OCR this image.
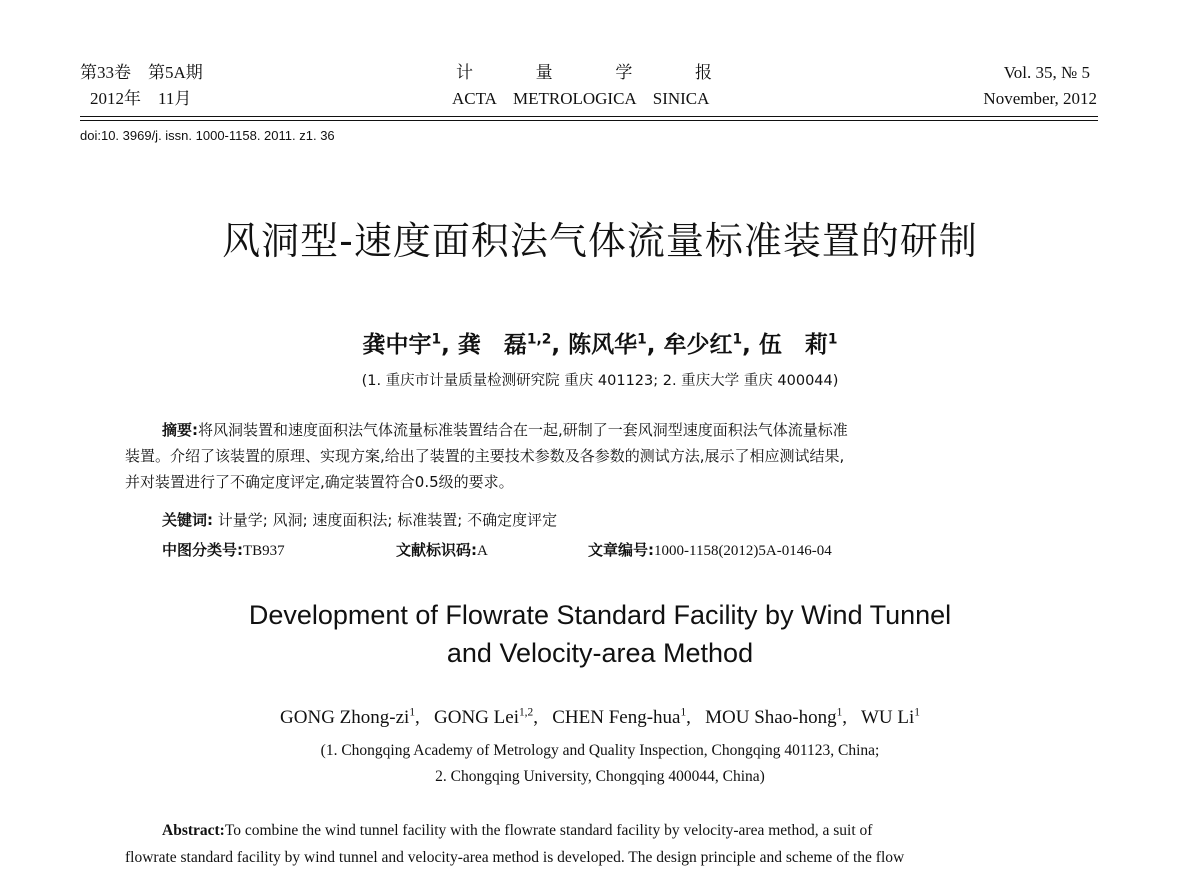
第33卷　第5A期
2012年　11月
计	量	学	报
ACTA　METROLOGICA　SINICA
Vol. 35, № 5
November, 2012
doi:10. 3969/j. issn. 1000-1158. 2011. z1. 36
风洞型-速度面积法气体流量标准装置的研制
龚中宇$^1$, 龚　磊$^{1,2}$, 陈风华$^1$, 牟少红$^1$, 伍　莉$^1$
(1. 重庆市计量质量检测研究院 重庆 401123; 2. 重庆大学 重庆 400044)
摘要:将风洞装置和速度面积法气体流量标准装置结合在一起,研制了一套风洞型速度面积法气体流量标准
装置。介绍了该装置的原理、实现方案,给出了装置的主要技术参数及各参数的测试方法,展示了相应测试结果,
并对装置进行了不确定度评定,确定装置符合0.5级的要求。
关键词: 计量学; 风洞; 速度面积法; 标准装置; 不确定度评定
中图分类号:TB937	文献标识码:A	文章编号:1000-1158(2012)5A-0146-04
Development of Flowrate Standard Facility by Wind Tunnel
and Velocity-area Method
GONG Zhong-$zi^1$,   GONG Lei$^{1,2}$,   CHEN Feng-hua$^1$,   MOU Shao-hong$^1$,   WU Li$^1$
(1. Chongqing Academy of Metrology and Quality Inspection, Chongqing 401123, China;
2. Chongqing University, Chongqing 400044, China)
Abstract:To combine the wind tunnel facility with the flowrate standard facility by velocity-area method, a suit of
flowrate standard facility by wind tunnel and velocity-area method is developed. The design principle and scheme of the flow
